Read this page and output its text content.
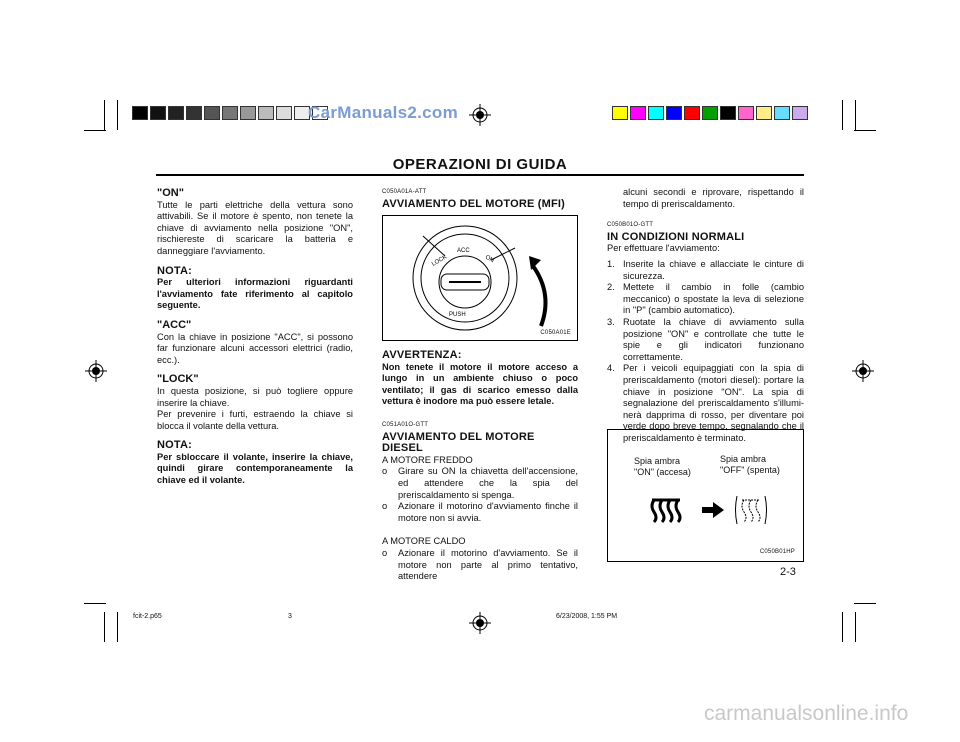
CarManuals2.com
OPERAZIONI DI GUIDA

"ON"

Tutte le parti elettriche della vettura sono attivabili. Se il motore è spento, non tenete la chiave di avviamento nella posizione "ON", rischiereste di scaricare la batteria e danneggiare l'avviamento.

NOTA:

Per ulteriori informazioni riguardanti l'avviamento fate riferimento al capitolo seguente.

"ACC"

Con la chiave in posizione "ACC", si possono far funzionare alcuni accessori elettrici (radio, ecc.).

"LOCK"

In questa posizione, si può togliere oppure inserire la chiave.

Per prevenire i furti, estraendo la chiave si blocca il volante della vettura.

NOTA:

Per sbloccare il volante, inserire la chiave, quindi girare contemporaneamente la chiave ed il volante.

C050A01A-ATT

AVVIAMENTO DEL MOTORE (MFI)

LOCK
ACC
ON
PUSH
C050A01E

AVVERTENZA:

Non tenete il motore il motore acceso a lungo in un ambiente chiuso o poco ventilato; il gas di scarico emesso dalla vettura è inodore ma può essere letale.

C051A01O-GTT

AVVIAMENTO DEL MOTORE DIESEL

A MOTORE FREDDO

o Girare su ON la chiavetta dell'accensione, ed attendere che la spia del preriscaldamento si spenga.
o Azionare il motorino d'avviamento finche il motore non si avvia.

A MOTORE CALDO

o Azionare il motorino d'avviamento. Se il motore non parte al primo tentativo, attendere

alcuni secondi e riprovare, rispettando il tempo di preriscaldamento.

C050B01O-GTT

IN CONDIZIONI NORMALI

Per effettuare l'avviamento:

1. Inserite la chiave e allacciate le cinture di sicurezza.
2. Mettete il cambio in folle (cambio meccanico) o spostate la leva di selezione in "P" (cambio automatico).
3. Ruotate la chiave di avviamento sulla posizione "ON" e controllate che tutte le spie e gli indicatori funzionano correttamente.
4. Per i veicoli equipaggiati con la spia di preriscaldamento (motori diesel): portare la chiave in posizione "ON". La spia di segnalazione del preriscaldamento s'illumi- nerà dapprima di rosso, per diventare poi verde dopo breve tempo, segnalando che il preriscaldamento è terminato.
Spia ambra
"ON" (accesa)
Spia ambra
"OFF" (spenta)
C050B01HP
2-3
fcit-2.p65	3	6/23/2008, 1:55 PM
carmanualsonline.info
